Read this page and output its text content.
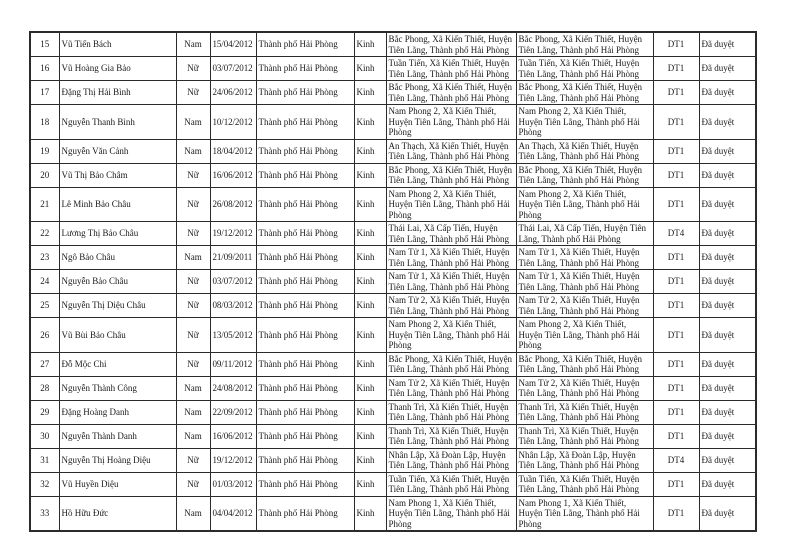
15	Vũ Tiến Bách	Nam	15/04/2012	Thành phố Hải Phòng	Kinh	Bắc Phong, Xã Kiến Thiết, Huyện Tiên Lãng, Thành phố Hải Phòng	Bắc Phong, Xã Kiến Thiết, Huyện Tiên Lãng, Thành phố Hải Phòng	DT1	Đã duyệt
16	Vũ Hoàng Gia Bảo	Nữ	03/07/2012	Thành phố Hải Phòng	Kinh	Tuần Tiến, Xã Kiến Thiết, Huyện Tiên Lãng, Thành phố Hải Phòng	Tuần Tiến, Xã Kiến Thiết, Huyện Tiên Lãng, Thành phố Hải Phòng	DT1	Đã duyệt
17	Đặng Thị Hải Bình	Nữ	24/06/2012	Thành phố Hải Phòng	Kinh	Bắc Phong, Xã Kiến Thiết, Huyện Tiên Lãng, Thành phố Hải Phòng	Bắc Phong, Xã Kiến Thiết, Huyện Tiên Lãng, Thành phố Hải Phòng	DT1	Đã duyệt
18	Nguyễn Thanh Bình	Nam	10/12/2012	Thành phố Hải Phòng	Kinh	Nam Phong 2, Xã Kiến Thiết, Huyện Tiên Lãng, Thành phố Hải Phòng	Nam Phong 2, Xã Kiến Thiết, Huyện Tiên Lãng, Thành phố Hải Phòng	DT1	Đã duyệt
19	Nguyễn Văn Cảnh	Nam	18/04/2012	Thành phố Hải Phòng	Kinh	An Thạch, Xã Kiến Thiết, Huyện Tiên Lãng, Thành phố Hải Phòng	An Thạch, Xã Kiến Thiết, Huyện Tiên Lãng, Thành phố Hải Phòng	DT1	Đã duyệt
20	Vũ Thị Bảo Châm	Nữ	16/06/2012	Thành phố Hải Phòng	Kinh	Bắc Phong, Xã Kiến Thiết, Huyện Tiên Lãng, Thành phố Hải Phòng	Bắc Phong, Xã Kiến Thiết, Huyện Tiên Lãng, Thành phố Hải Phòng	DT1	Đã duyệt
21	Lê Minh Bảo Châu	Nữ	26/08/2012	Thành phố Hải Phòng	Kinh	Nam Phong 2, Xã Kiến Thiết, Huyện Tiên Lãng, Thành phố Hải Phòng	Nam Phong 2, Xã Kiến Thiết, Huyện Tiên Lãng, Thành phố Hải Phòng	DT1	Đã duyệt
22	Lương Thị Bảo Châu	Nữ	19/12/2012	Thành phố Hải Phòng	Kinh	Thái Lai, Xã Cấp Tiến, Huyện Tiên Lãng, Thành phố Hải Phòng	Thái Lai, Xã Cấp Tiến, Huyện Tiên Lãng, Thành phố Hải Phòng	DT4	Đã duyệt
23	Ngô Bảo Châu	Nam	21/09/2011	Thành phố Hải Phòng	Kinh	Nam Tử 1, Xã Kiến Thiết, Huyện Tiên Lãng, Thành phố Hải Phòng	Nam Tử 1, Xã Kiến Thiết, Huyện Tiên Lãng, Thành phố Hải Phòng	DT1	Đã duyệt
24	Nguyễn Bảo Châu	Nữ	03/07/2012	Thành phố Hải Phòng	Kinh	Nam Tử 1, Xã Kiến Thiết, Huyện Tiên Lãng, Thành phố Hải Phòng	Nam Tử 1, Xã Kiến Thiết, Huyện Tiên Lãng, Thành phố Hải Phòng	DT1	Đã duyệt
25	Nguyễn Thị Diệu Châu	Nữ	08/03/2012	Thành phố Hải Phòng	Kinh	Nam Tử 2, Xã Kiến Thiết, Huyện Tiên Lãng, Thành phố Hải Phòng	Nam Tử 2, Xã Kiến Thiết, Huyện Tiên Lãng, Thành phố Hải Phòng	DT1	Đã duyệt
26	Vũ Bùi Bảo Châu	Nữ	13/05/2012	Thành phố Hải Phòng	Kinh	Nam Phong 2, Xã Kiến Thiết, Huyện Tiên Lãng, Thành phố Hải Phòng	Nam Phong 2, Xã Kiến Thiết, Huyện Tiên Lãng, Thành phố Hải Phòng	DT1	Đã duyệt
27	Đỗ Mộc Chi	Nữ	09/11/2012	Thành phố Hải Phòng	Kinh	Bắc Phong, Xã Kiến Thiết, Huyện Tiên Lãng, Thành phố Hải Phòng	Bắc Phong, Xã Kiến Thiết, Huyện Tiên Lãng, Thành phố Hải Phòng	DT1	Đã duyệt
28	Nguyễn Thành Công	Nam	24/08/2012	Thành phố Hải Phòng	Kinh	Nam Tử 2, Xã Kiến Thiết, Huyện Tiên Lãng, Thành phố Hải Phòng	Nam Tử 2, Xã Kiến Thiết, Huyện Tiên Lãng, Thành phố Hải Phòng	DT1	Đã duyệt
29	Đặng Hoàng Danh	Nam	22/09/2012	Thành phố Hải Phòng	Kinh	Thanh Trì, Xã Kiến Thiết, Huyện Tiên Lãng, Thành phố Hải Phòng	Thanh Trì, Xã Kiến Thiết, Huyện Tiên Lãng, Thành phố Hải Phòng	DT1	Đã duyệt
30	Nguyễn Thành Danh	Nam	16/06/2012	Thành phố Hải Phòng	Kinh	Thanh Trì, Xã Kiến Thiết, Huyện Tiên Lãng, Thành phố Hải Phòng	Thanh Trì, Xã Kiến Thiết, Huyện Tiên Lãng, Thành phố Hải Phòng	DT1	Đã duyệt
31	Nguyễn Thị Hoàng Diệu	Nữ	19/12/2012	Thành phố Hải Phòng	Kinh	Nhân Lập, Xã Đoàn Lập, Huyện Tiên Lãng, Thành phố Hải Phòng	Nhân Lập, Xã Đoàn Lập, Huyện Tiên Lãng, Thành phố Hải Phòng	DT4	Đã duyệt
32	Vũ Huyền Diệu	Nữ	01/03/2012	Thành phố Hải Phòng	Kinh	Tuần Tiến, Xã Kiến Thiết, Huyện Tiên Lãng, Thành phố Hải Phòng	Tuần Tiến, Xã Kiến Thiết, Huyện Tiên Lãng, Thành phố Hải Phòng	DT1	Đã duyệt
33	Hồ Hữu Đức	Nam	04/04/2012	Thành phố Hải Phòng	Kinh	Nam Phong 1, Xã Kiến Thiết, Huyện Tiên Lãng, Thành phố Hải Phòng	Nam Phong 1, Xã Kiến Thiết, Huyện Tiên Lãng, Thành phố Hải Phòng	DT1	Đã duyệt
